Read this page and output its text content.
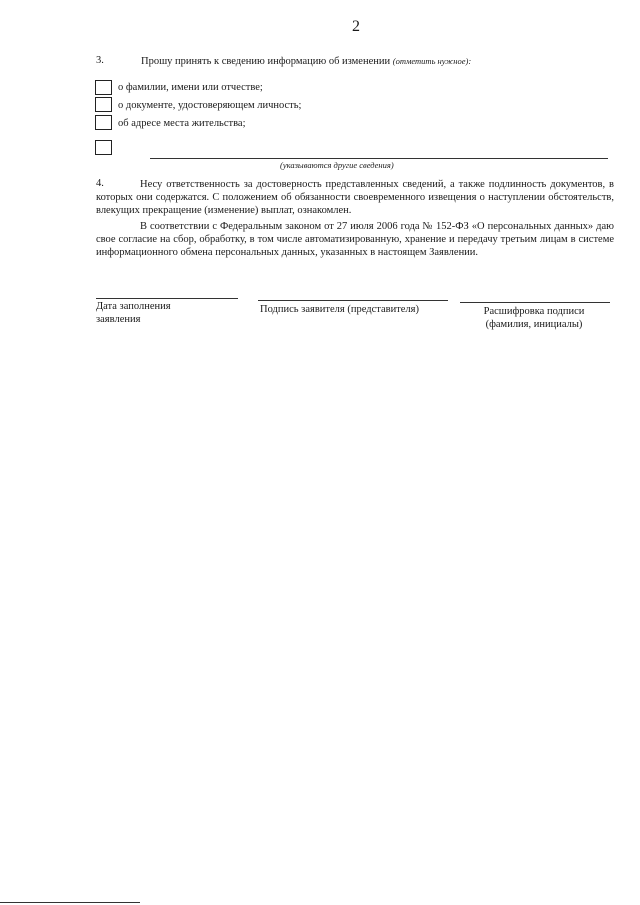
2
3.	Прошу принять к сведению информацию об изменении (отметить нужное):
о фамилии, имени или отчестве;
о документе, удостоверяющем личность;
об адресе места жительства;
(указываются другие сведения)
4.	Несу ответственность за достоверность представленных сведений, а также подлинность документов, в которых они содержатся. С положением об обязанности своевременного извещения о наступлении обстоятельств, влекущих прекращение (изменение) выплат, ознакомлен.
В соответствии с Федеральным законом от 27 июля 2006 года № 152-ФЗ «О персональных данных» даю свое согласие на сбор, обработку, в том числе автоматизированную, хранение и передачу третьим лицам в системе информационного обмена персональных данных, указанных в настоящем Заявлении.
Дата заполнения заявления
Подпись заявителя (представителя)	Расшифровка подписи (фамилия, инициалы)
